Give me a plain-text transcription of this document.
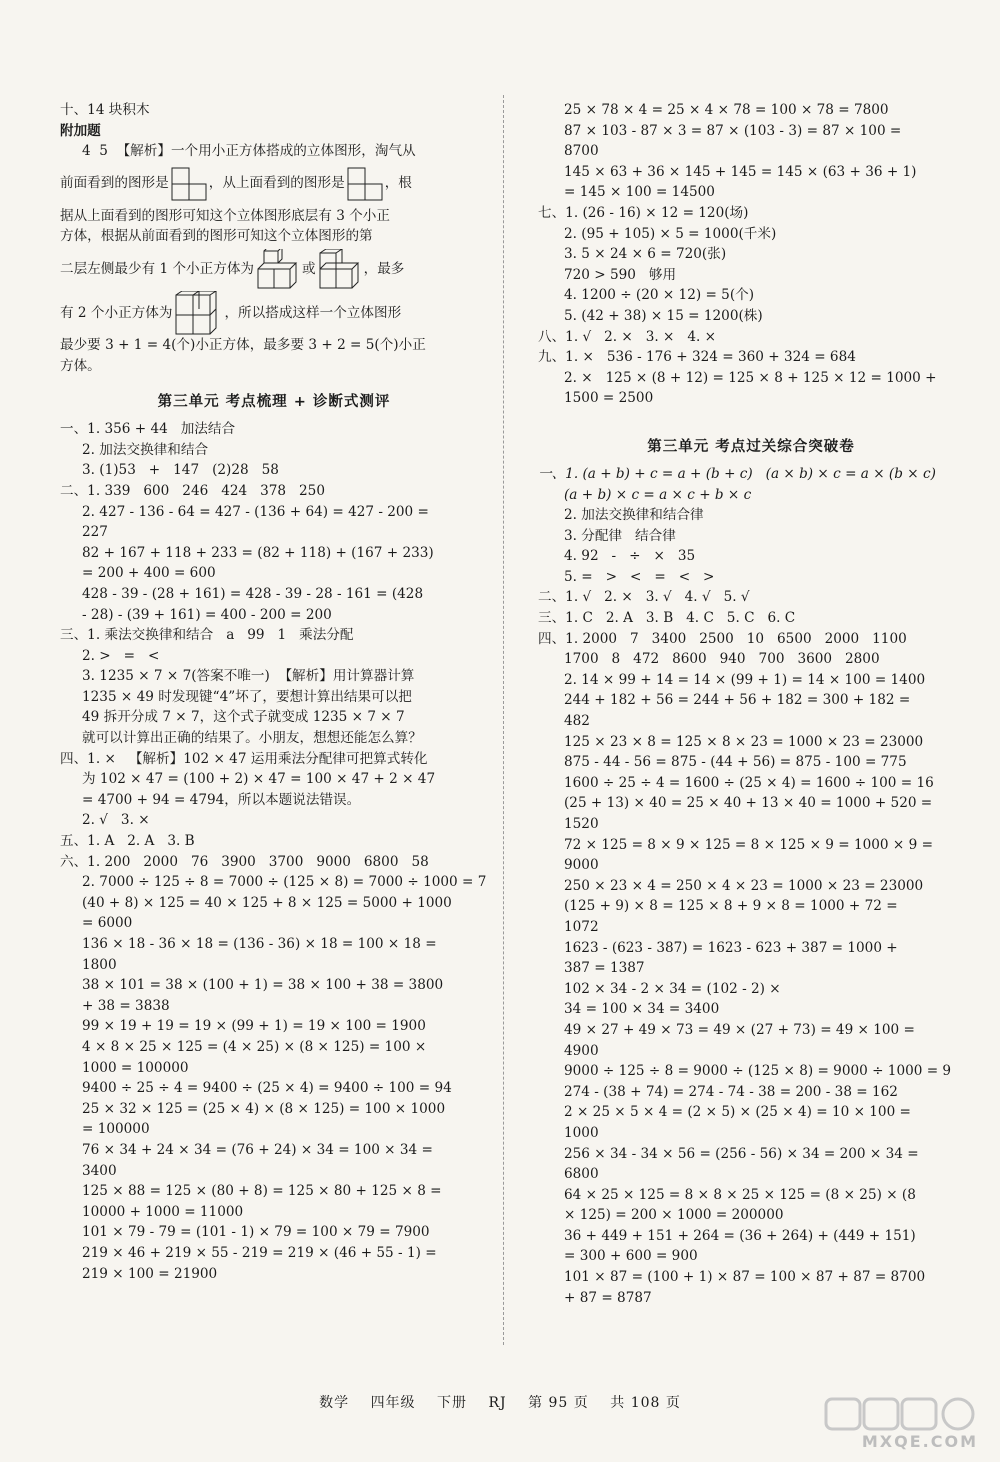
十、14 块积木
附加题
4  5  【解析】一个用小正方体搭成的立体图形，淘气从
前面看到的图形是

	，从上面看到的图形是

	，根
据从上面看到的图形可知这个立体图形底层有 3 个小正
方体，根据从前面看到的图形可知这个立体图形的第
二层左侧最少有 1 个小正方体为

	或

	，最多
有 2 个小正方体为

	，所以搭成这样一个立体图形
最少要 3 + 1 = 4(个)小正方体，最多要 3 + 2 = 5(个)小正
方体。
第三单元 考点梳理 + 诊断式测评
一、1. 356 + 44   加法结合
2. 加法交换律和结合
3. (1)53   +   147   (2)28   58
二、1. 339   600   246   424   378   250
2. 427 - 136 - 64 = 427 - (136 + 64) = 427 - 200 =
227
82 + 167 + 118 + 233 = (82 + 118) + (167 + 233)
= 200 + 400 = 600
428 - 39 - (28 + 161) = 428 - 39 - 28 - 161 = (428
- 28) - (39 + 161) = 400 - 200 = 200
三、1. 乘法交换律和结合   a   99   1   乘法分配
2. >   =   <
3. 1235 × 7 × 7(答案不唯一)  【解析】用计算器计算
1235 × 49 时发现键“4”坏了，要想计算出结果可以把
49 拆开分成 7 × 7，这个式子就变成 1235 × 7 × 7
就可以计算出正确的结果了。小朋友，想想还能怎么算？
四、1. ×   【解析】102 × 47 运用乘法分配律可把算式转化
为 102 × 47 = (100 + 2) × 47 = 100 × 47 + 2 × 47
= 4700 + 94 = 4794，所以本题说法错误。
2. √   3. ×
五、1. A   2. A   3. B
六、1. 200   2000   76   3900   3700   9000   6800   58
2. 7000 ÷ 125 ÷ 8 = 7000 ÷ (125 × 8) = 7000 ÷ 1000 = 7
(40 + 8) × 125 = 40 × 125 + 8 × 125 = 5000 + 1000
= 6000
136 × 18 - 36 × 18 = (136 - 36) × 18 = 100 × 18 =
1800
38 × 101 = 38 × (100 + 1) = 38 × 100 + 38 = 3800
+ 38 = 3838
99 × 19 + 19 = 19 × (99 + 1) = 19 × 100 = 1900
4 × 8 × 25 × 125 = (4 × 25) × (8 × 125) = 100 ×
1000 = 100000
9400 ÷ 25 ÷ 4 = 9400 ÷ (25 × 4) = 9400 ÷ 100 = 94
25 × 32 × 125 = (25 × 4) × (8 × 125) = 100 × 1000
= 100000
76 × 34 + 24 × 34 = (76 + 24) × 34 = 100 × 34 =
3400
125 × 88 = 125 × (80 + 8) = 125 × 80 + 125 × 8 =
10000 + 1000 = 11000
101 × 79 - 79 = (101 - 1) × 79 = 100 × 79 = 7900
219 × 46 + 219 × 55 - 219 = 219 × (46 + 55 - 1) =
219 × 100 = 21900
25 × 78 × 4 = 25 × 4 × 78 = 100 × 78 = 7800
87 × 103 - 87 × 3 = 87 × (103 - 3) = 87 × 100 =
8700
145 × 63 + 36 × 145 + 145 = 145 × (63 + 36 + 1)
= 145 × 100 = 14500
七、1. (26 - 16) × 12 = 120(场)
2. (95 + 105) × 5 = 1000(千米)
3. 5 × 24 × 6 = 720(张)
720 > 590   够用
4. 1200 ÷ (20 × 12) = 5(个)
5. (42 + 38) × 15 = 1200(株)
八、1. √   2. ×   3. ×   4. ×
九、1. ×   536 - 176 + 324 = 360 + 324 = 684
2. ×   125 × (8 + 12) = 125 × 8 + 125 × 12 = 1000 +
1500 = 2500
第三单元 考点过关综合突破卷
一、1. (a + b) + c = a + (b + c)   (a × b) × c = a × (b × c)
(a + b) × c = a × c + b × c
2. 加法交换律和结合律
3. 分配律   结合律
4. 92   -   ÷   ×   35
5. =   >   <   =   <   >
二、1. √   2. ×   3. √   4. √   5. √
三、1. C   2. A   3. B   4. C   5. C   6. C
四、1. 2000   7   3400   2500   10   6500   2000   1100
1700   8   472   8600   940   700   3600   2800
2. 14 × 99 + 14 = 14 × (99 + 1) = 14 × 100 = 1400
244 + 182 + 56 = 244 + 56 + 182 = 300 + 182 =
482
125 × 23 × 8 = 125 × 8 × 23 = 1000 × 23 = 23000
875 - 44 - 56 = 875 - (44 + 56) = 875 - 100 = 775
1600 ÷ 25 ÷ 4 = 1600 ÷ (25 × 4) = 1600 ÷ 100 = 16
(25 + 13) × 40 = 25 × 40 + 13 × 40 = 1000 + 520 =
1520
72 × 125 = 8 × 9 × 125 = 8 × 125 × 9 = 1000 × 9 =
9000
250 × 23 × 4 = 250 × 4 × 23 = 1000 × 23 = 23000
(125 + 9) × 8 = 125 × 8 + 9 × 8 = 1000 + 72 =
1072
1623 - (623 - 387) = 1623 - 623 + 387 = 1000 +
387 = 1387
102 × 34 - 2 × 34 = (102 - 2) ×
34 = 100 × 34 = 3400
49 × 27 + 49 × 73 = 49 × (27 + 73) = 49 × 100 =
4900
9000 ÷ 125 ÷ 8 = 9000 ÷ (125 × 8) = 9000 ÷ 1000 = 9
274 - (38 + 74) = 274 - 74 - 38 = 200 - 38 = 162
2 × 25 × 5 × 4 = (2 × 5) × (25 × 4) = 10 × 100 =
1000
256 × 34 - 34 × 56 = (256 - 56) × 34 = 200 × 34 =
6800
64 × 25 × 125 = 8 × 8 × 25 × 125 = (8 × 25) × (8
× 125) = 200 × 1000 = 200000
36 + 449 + 151 + 264 = (36 + 264) + (449 + 151)
= 300 + 600 = 900
101 × 87 = (100 + 1) × 87 = 100 × 87 + 87 = 8700
+ 87 = 8787
数学 四年级 下册 RJ 第 95 页 共 108 页
MXQE.COM
